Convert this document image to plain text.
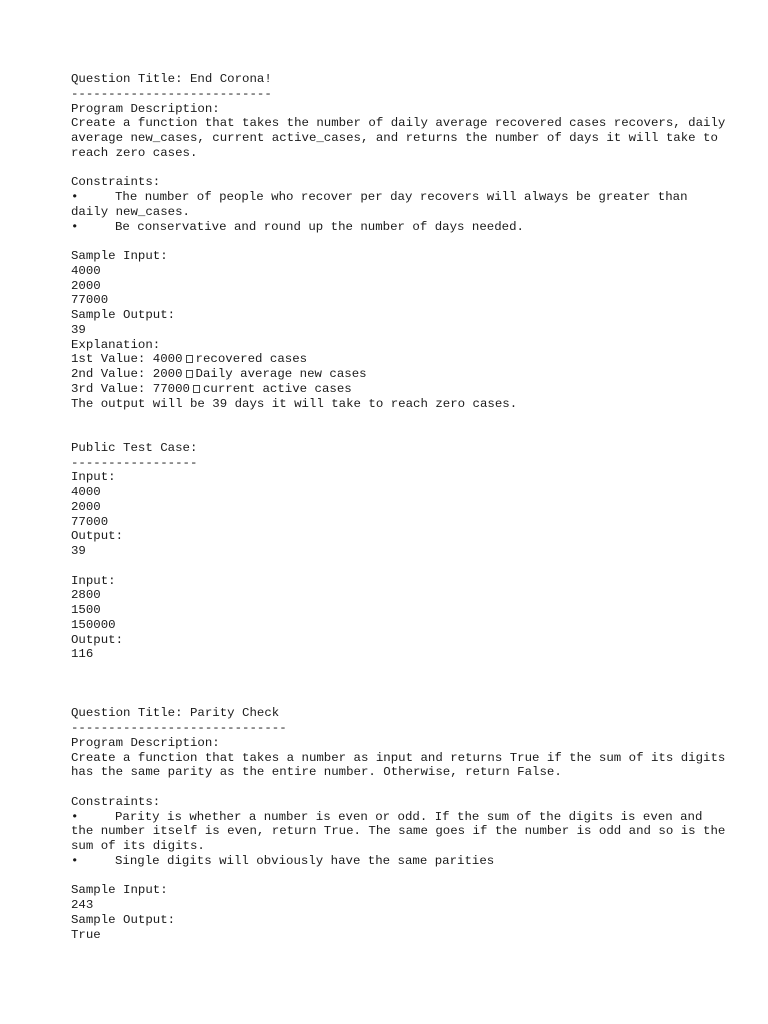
Question Title: End Corona!
---------------------------
Program Description:
Create a function that takes the number of daily average recovered cases recovers, daily average new_cases, current active_cases, and returns the number of days it will take to reach zero cases.
Constraints:
•	The number of people who recover per day recovers will always be greater than daily new_cases.
•	Be conservative and round up the number of days needed.
Sample Input:
4000
2000
77000
Sample Output:
39
Explanation:
1st Value: 4000 recovered cases
2nd Value: 2000 Daily average new cases
3rd Value: 77000 current active cases
The output will be 39 days it will take to reach zero cases.
Public Test Case:
-----------------
Input:
4000
2000
77000
Output:
39
Input:
2800
1500
150000
Output:
116
Question Title: Parity Check
-----------------------------
Program Description:
Create a function that takes a number as input and returns True if the sum of its digits has the same parity as the entire number. Otherwise, return False.
Constraints:
•	Parity is whether a number is even or odd. If the sum of the digits is even and the number itself is even, return True. The same goes if the number is odd and so is the sum of its digits.
•	Single digits will obviously have the same parities
Sample Input:
243
Sample Output:
True
